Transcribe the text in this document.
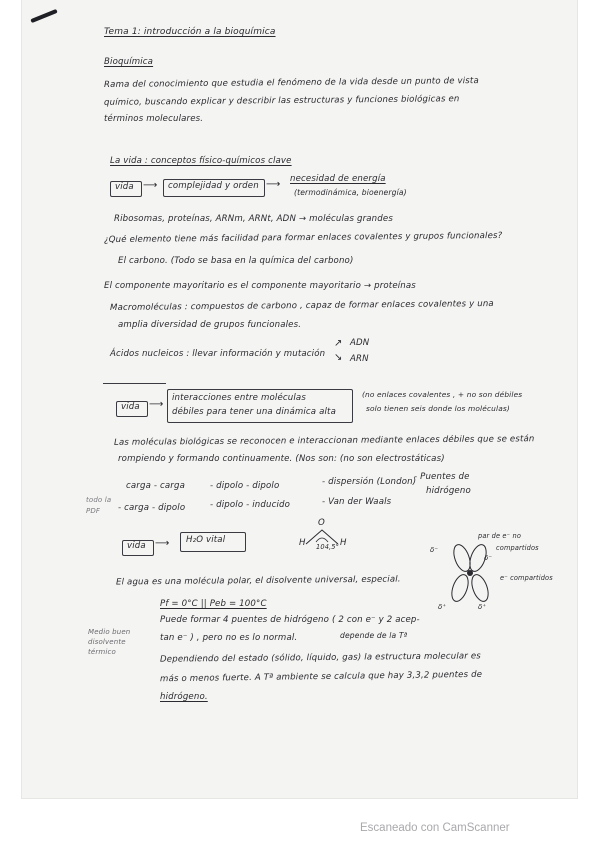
Tema 1: introducción a la bioquímica
Bioquímica
Rama del conocimiento que estudia el fenómeno de la vida desde un punto de vista
químico, buscando explicar y describir las estructuras y funciones biológicas en
términos moleculares.
La vida : conceptos físico-químicos clave
vida ⟶ complejidad y orden ⟶ necesidad de energía
(termodinámica, bioenergía)
Ribosomas, proteínas, ARNm, ARNt, ADN → moléculas grandes
¿Qué elemento tiene más facilidad para formar enlaces covalentes y grupos funcionales?
El carbono. (Todo se basa en la química del carbono)
El componente mayoritario es el componente mayoritario → proteínas
Macromoléculas : compuestos de carbono , capaz de formar enlaces covalentes y una
amplia diversidad de grupos funcionales.
Ácidos nucleicos : llevar información y mutación
↗
↘
ADN
ARN
vida ⟶
interacciones entre moléculas
débiles para tener una dinámica alta
(no enlaces covalentes , + no son débiles
solo tienen seis donde los moléculas)
Las moléculas biológicas se reconocen e interaccionan mediante enlaces débiles que se están
rompiendo y formando continuamente. (Nos son: (no son electrostáticas)
carga - carga	- dipolo - dipolo	- dispersión (London)
- Puentes de
- carga - dipolo	- dipolo - inducido	- Van der Waals
hidrógeno
todo la
PDF
vida ⟶ H₂O vital
O
H	H
104,5°
par de e⁻ no
compartidos
e⁻ compartidos
δ⁻
δ⁻
δ⁺	δ⁺
El agua es una molécula polar, el disolvente universal, especial.
Pf = 0°C || Peb = 100°C
Puede formar 4 puentes de hidrógeno ( 2 con e⁻ y 2 acep-
tan e⁻ ) , pero no es lo normal.	depende de la Tª
Dependiendo del estado (sólido, líquido, gas) la estructura molecular es
más o menos fuerte. A Tª ambiente se calcula que hay 3,3,2 puentes de
hidrógeno.
Medio buen
disolvente
térmico
Escaneado con CamScanner
